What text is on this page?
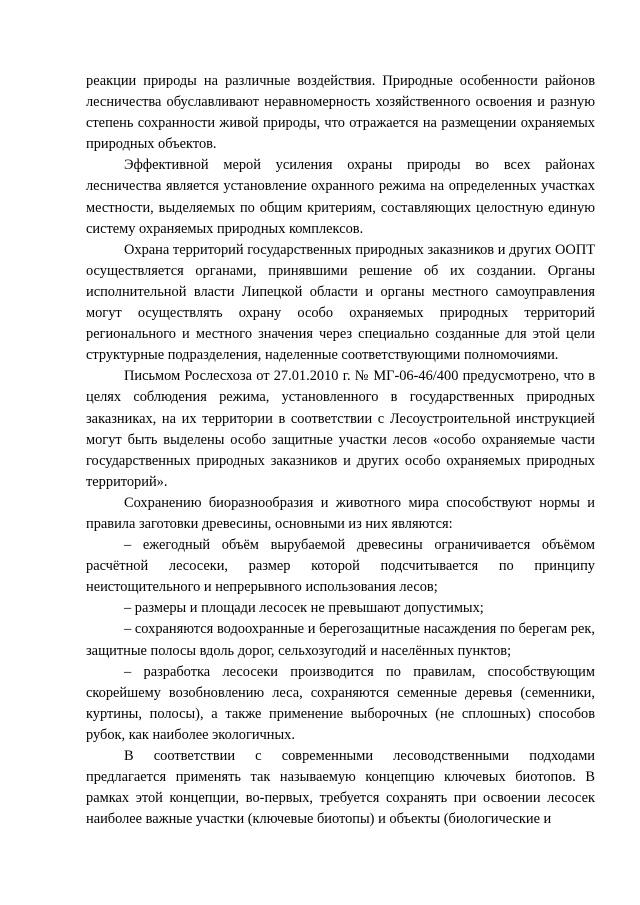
реакции природы на различные воздействия. Природные особенности районов лесничества обуславливают неравномерность хозяйственного освоения и разную степень сохранности живой природы, что отражается на размещении охраняемых природных объектов.

Эффективной мерой усиления охраны природы во всех районах лесничества является установление охранного режима на определенных участках местности, выделяемых по общим критериям, составляющих целостную единую систему охраняемых природных комплексов.

Охрана территорий государственных природных заказников и других ООПТ осуществляется органами, принявшими решение об их создании. Органы исполнительной власти Липецкой области и органы местного самоуправления могут осуществлять охрану особо охраняемых природных территорий регионального и местного значения через специально созданные для этой цели структурные подразделения, наделенные соответствующими полномочиями.

Письмом Рослесхоза от 27.01.2010 г. № МГ-06-46/400 предусмотрено, что в целях соблюдения режима, установленного в государственных природных заказниках, на их территории в соответствии с Лесоустроительной инструкцией могут быть выделены особо защитные участки лесов «особо охраняемые части государственных природных заказников и других особо охраняемых природных территорий».

Сохранению биоразнообразия и животного мира способствуют нормы и правила заготовки древесины, основными из них являются:

– ежегодный объём вырубаемой древесины ограничивается объёмом расчётной лесосеки, размер которой подсчитывается по принципу неистощительного и непрерывного использования лесов;

– размеры и площади лесосек не превышают допустимых;

– сохраняются водоохранные и берегозащитные насаждения по берегам рек, защитные полосы вдоль дорог, сельхозугодий и населённых пунктов;

– разработка лесосеки производится по правилам, способствующим скорейшему возобновлению леса, сохраняются семенные деревья (семенники, куртины, полосы), а также применение выборочных (не сплошных) способов рубок, как наиболее экологичных.

В соответствии с современными лесоводственными подходами предлагается применять так называемую концепцию ключевых биотопов. В рамках этой концепции, во-первых, требуется сохранять при освоении лесосек наиболее важные участки (ключевые биотопы) и объекты (биологические и
